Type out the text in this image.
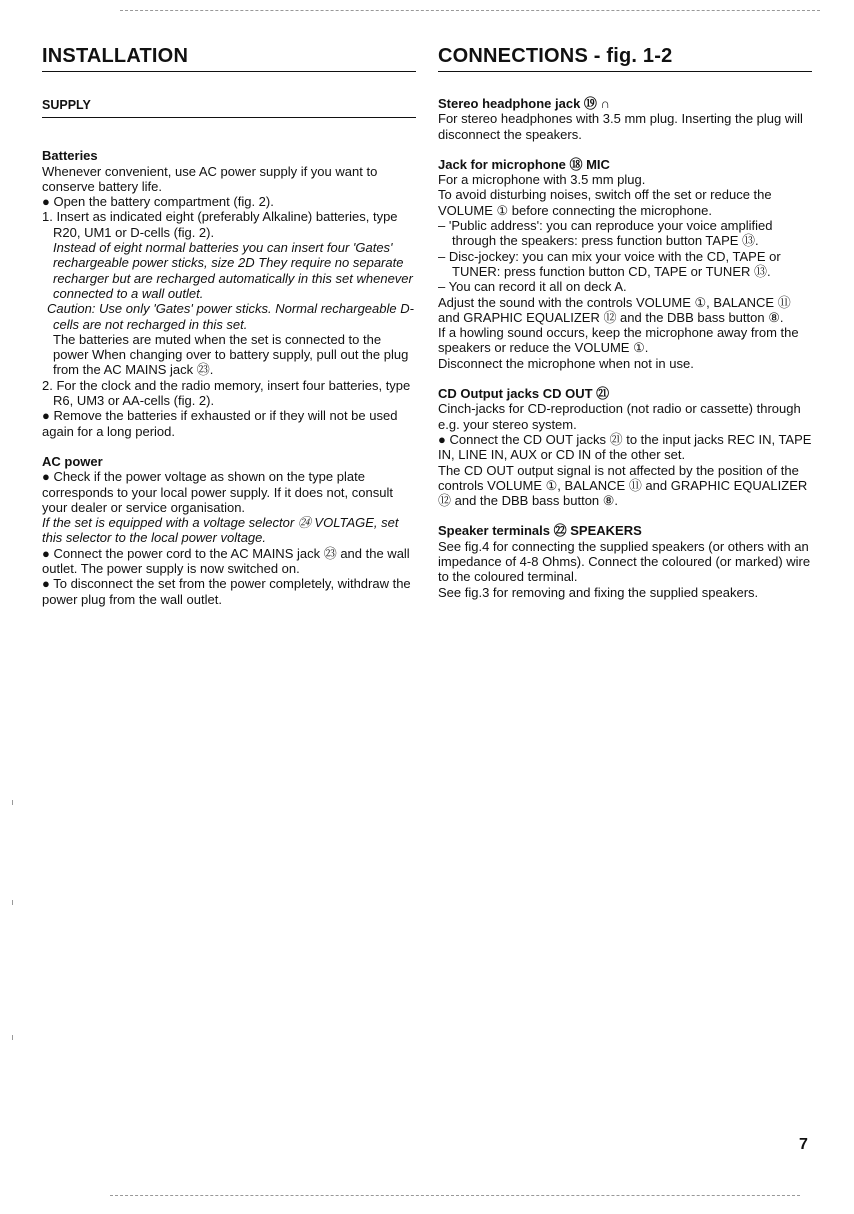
INSTALLATION
SUPPLY

Batteries

Whenever convenient, use AC power supply if you want to conserve battery life.

● Open the battery compartment (fig. 2).

1. Insert as indicated eight (preferably Alkaline) batteries, type R20, UM1 or D-cells (fig. 2).

Instead of eight normal batteries you can insert four 'Gates' rechargeable power sticks, size 2D They require no separate recharger but are recharged automatically in this set whenever connected to a wall outlet.

Caution: Use only 'Gates' power sticks. Normal rechargeable D-cells are not recharged in this set.

The batteries are muted when the set is connected to the power When changing over to battery supply, pull out the plug from the AC MAINS jack ㉓.

2. For the clock and the radio memory, insert four batteries, type R6, UM3 or AA-cells (fig. 2).

● Remove the batteries if exhausted or if they will not be used again for a long period.

AC power

● Check if the power voltage as shown on the type plate corresponds to your local power supply. If it does not, consult your dealer or service organisation.

If the set is equipped with a voltage selector ㉔ VOLTAGE, set this selector to the local power voltage.

● Connect the power cord to the AC MAINS jack ㉓ and the wall outlet. The power supply is now switched on.

● To disconnect the set from the power completely, withdraw the power plug from the wall outlet.

CONNECTIONS - fig. 1-2

Stereo headphone jack ⑲ ∩

For stereo headphones with 3.5 mm plug. Inserting the plug will disconnect the speakers.

Jack for microphone ⑱ MIC

For a microphone with 3.5 mm plug.

To avoid disturbing noises, switch off the set or reduce the VOLUME ① before connecting the microphone.

– 'Public address': you can reproduce your voice amplified through the speakers: press function button TAPE ⑬.

– Disc-jockey: you can mix your voice with the CD, TAPE or TUNER: press function button CD, TAPE or TUNER ⑬.

– You can record it all on deck A.

Adjust the sound with the controls VOLUME ①, BALANCE ⑪ and GRAPHIC EQUALIZER ⑫ and the DBB bass button ⑧.

If a howling sound occurs, keep the microphone away from the speakers or reduce the VOLUME ①.

Disconnect the microphone when not in use.

CD Output jacks CD OUT ㉑

Cinch-jacks for CD-reproduction (not radio or cassette) through e.g. your stereo system.

● Connect the CD OUT jacks ㉑ to the input jacks REC IN, TAPE IN, LINE IN, AUX or CD IN of the other set.

The CD OUT output signal is not affected by the position of the controls VOLUME ①, BALANCE ⑪ and GRAPHIC EQUALIZER ⑫ and the DBB bass button ⑧.

Speaker terminals ㉒ SPEAKERS

See fig.4 for connecting the supplied speakers (or others with an impedance of 4-8 Ohms). Connect the coloured (or marked) wire to the coloured terminal.

See fig.3 for removing and fixing the supplied speakers.

7
